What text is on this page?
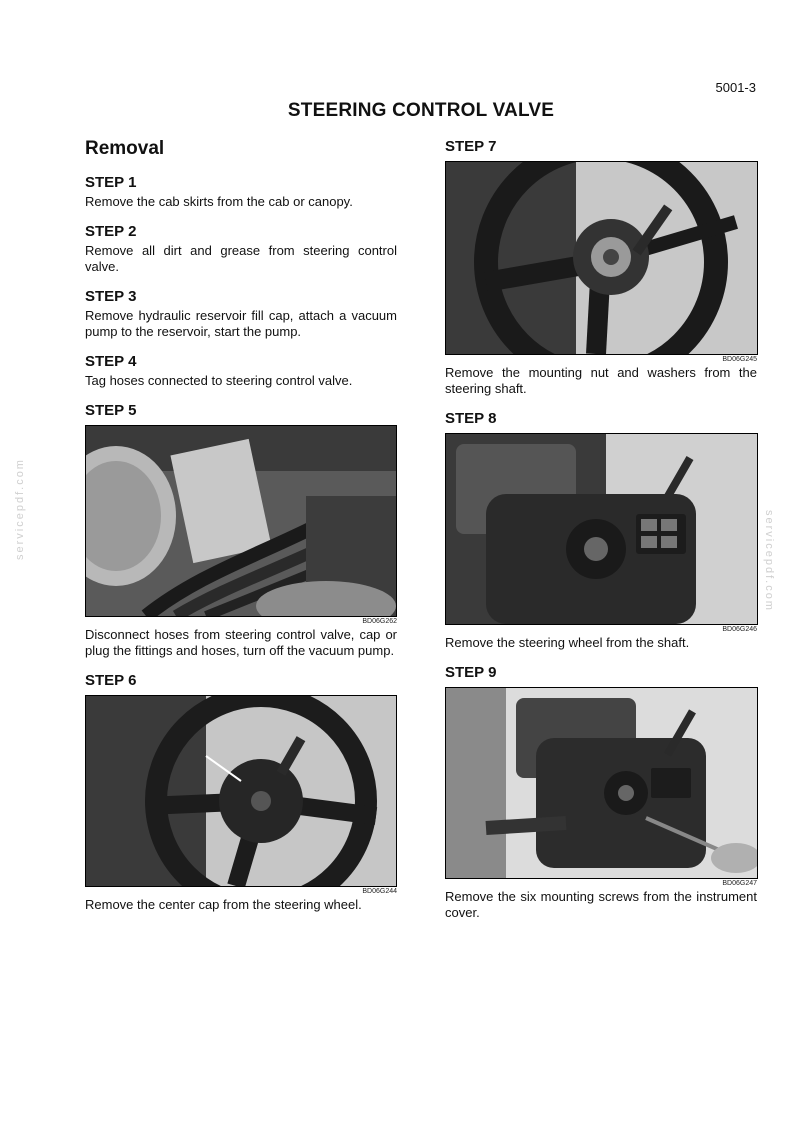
5001-3
STEERING CONTROL VALVE
servicepdf.com
servicepdf.com
Removal
STEP 1

Remove the cab skirts from the cab or canopy.

STEP 2

Remove all dirt and grease from steering control valve.

STEP 3

Remove hydraulic reservoir fill cap, attach a vacuum pump to the reservoir, start the pump.

STEP 4

Tag hoses connected to steering control valve.

STEP 5
BD06G262

Disconnect hoses from steering control valve, cap or plug the fittings and hoses, turn off the vacuum pump.

STEP 6
BD06G244

Remove the center cap from the steering wheel.

STEP 7
BD06G245

Remove the mounting nut and washers from the steering shaft.

STEP 8
BD06G246

Remove the steering wheel from the shaft.

STEP 9
BD06G247

Remove the six mounting screws from the instrument cover.
